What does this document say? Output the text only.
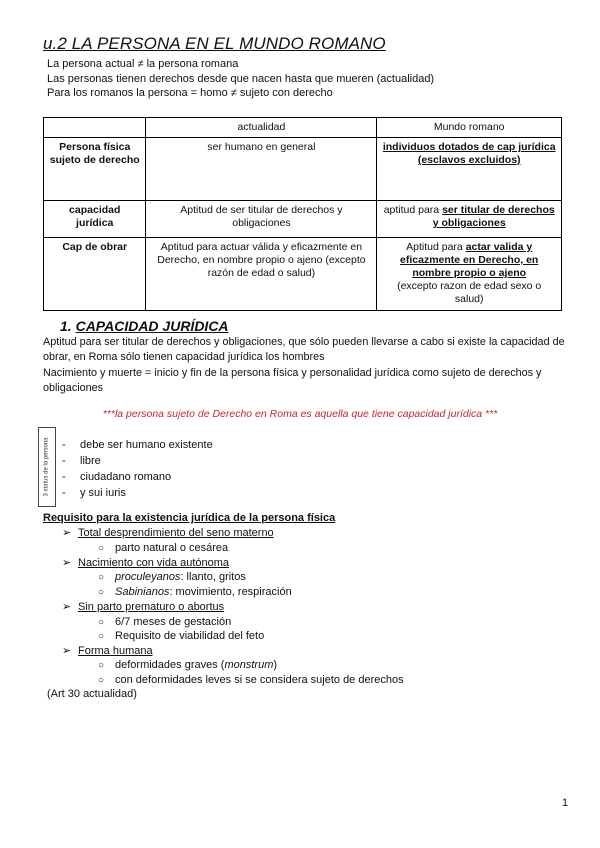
u.2 LA PERSONA EN EL MUNDO ROMANO
La persona actual ≠ la persona romana
Las personas tienen derechos desde que nacen hasta que mueren (actualidad)
Para los romanos la persona = homo ≠ sujeto con derecho
	actualidad	Mundo romano
Persona física sujeto de derecho	ser humano en general	individuos dotados de cap jurídica (esclavos excluidos)
capacidad jurídica	Aptitud de ser titular de derechos y obligaciones	aptitud para ser titular de derechos y obligaciones
Cap de obrar	Aptitud para actuar válida y eficazmente en Derecho, en nombre propio o ajeno (excepto razón de edad o salud)	Aptitud para actar valida y eficazmente en Derecho, en nombre propio o ajeno
(excepto razon de edad sexo o salud)
1. CAPACIDAD JURÍDICA
Aptitud para ser titular de derechos y obligaciones, que sólo pueden llevarse a cabo si existe la capacidad de obrar, en Roma sólo tienen capacidad jurídica los hombres
Nacimiento y muerte = inicio y fin de la persona física y personalidad jurídica como sujeto de derechos y obligaciones
***la persona sujeto de Derecho en Roma es aquella que tiene capacidad jurídica ***
3 status de la persona - debe ser humano existente
- libre
- ciudadano romano
- y sui iuris
Requisito para la existencia jurídica de la persona física
➢ Total desprendimiento del seno materno
○ parto natural o cesárea
➢ Nacimiento con vida autónoma
○ proculeyanos: llanto, gritos
○ Sabinianos: movimiento, respiración
➢ Sin parto prematuro o abortus
○ 6/7 meses de gestación
○ Requisito de viabilidad del feto
➢ Forma humana
○ deformidades graves (monstrum)
○ con deformidades leves si se considera sujeto de derechos
(Art 30 actualidad)
1
